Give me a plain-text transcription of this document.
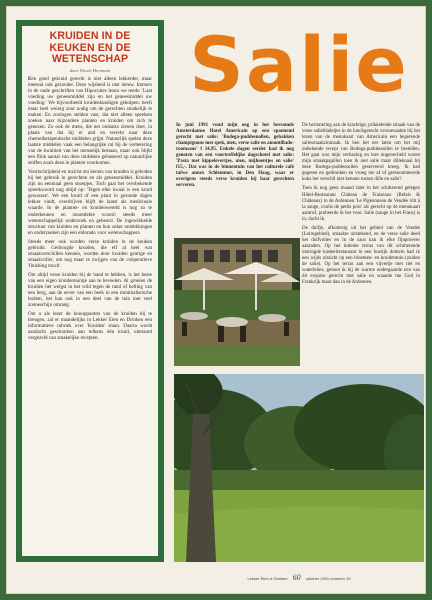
KRUIDEN IN DE KEUKEN EN DE WETENSCHAP
door Nicole Hermann

Een goed gekruid gerecht is niet alleen lekkerder, maar meestal ook gezonder. Deze wijsheid is niet nieuw. Immers in de oude geschriften van Hipocrates lezen we reeds: 'Laat voeding uw geneesmiddel zijn en het geneesmiddel uw voeding.' We bijvoorbeeld kruidenkundigen geholpen: heeft maar heel weinig zout nodig om de gerechten smakelijk te maken. En zoologen stelden vast, dat niet alleen speelsen zoeken naar bijzondere planten en kruiden om zich te genezen. Zo ook de mens, die net ondanks zienen doet, in plaats van dat hij er and en terecht naar deze chemotherapeutische middelen grijpt. Natuurlijk spelen deze laatste middelen vaak een belangrijke rol bij de verbetering van de kwaliteit van het menselijk bestaan, maar ook blijkt een flink aantal van deze middelen gebaseerd op natuurlijke stoffen zoals deze in planten voorkomen.

Voortschrijdend en inzicht om kennis van kruiden is geboden bij het gebruik in gerechten en als geneesmiddel. Kruiden zijn nu eenmaal geen snoepjes. Toch gaat het overbekende spreekwoord nog altijd op: 'Tegen elke kwaal is een kruid gewassen'. We een kruid of een plant in gezonde dagen lekker vindt, overdrijven blijft de laatst als medicinale waarde. In de planten- en kruidenwereld is nog zo te onderkennen en onontdekte woord: steeds meer wetenschappelijk onderzoek en gebeurd. De ingewikkelde structuur van kruiden en planten en hun zeker ontdekkingen en onderzoeken zijn een eldorado voor wetenschappers.

Steeds meer ook worden verse kruiden in de keuken gebruikt. Gedroogde kruiden, die elf al heel wat smaakverschillen kennen, worden door kruiden geurige en smaakvoller, om nog maar te zwijgen van de coöperatieve 'finishing touch'.

Om altijd verse kruiden bij de hand te hebben, is het beste van een eigen kruidentuintje aan te beveelen. Al groeien de kruiden het welgst in het wild tegen de rand of helling van een berg, aan de oever van een beek in een minimalistische bodem, het kan ook in een deel van de tuin met veel zonneschijn omrang.

Om u als lezer de knooppunten van de kruiden bij te brengen, zal er maandelijks in Lekker Eten en Drinken een informatieve rubriek over 'Kruiden' staan. Daarin wordt aandacht geschonken aan telkens één kruid, uiteraard vergezeld van smakelijke recepten.

Salie
In juni 1991 vond mijn oog in het bersomde Amsterdamse Hotel Americain op een spannend gerecht met salie: 'Bodega-puddesnollen, gebakken champignons met spek, uien, verse salie en amontillado-roomsaus' f 14,95. Enkele dagen eerder had ik nog genoten van een voortreffelijke dagschotel met salie: 'Pasta met kippelevertjes, uien, mijhoentjes en salie' f15,-. Dat was in de binnentuin van het culturele café tafwe annex Schlemmer, in Den Haag, waar er overigens steeds verse kruiden bij haar gerechten serveren.

De herinnering aan de krachtige, prikkelende smaak van de verse saliebladeijes in de lunchgerecht verzoenaakte bij het lezen van de menukaart van Americain een begerende saliesmaakzinmaak. Ik ben het eer laten om het mij onbekende recept van Bodega-puddessollen te bestellen. Het gaat was mijn verbazing en lore ongeoecheld waren mijn smaakpapillen toen ik niet salie maar dilleknaal bij deze Bodega-puddessollen geserveerd kreeg. Ik had gegeten en gedronken en vroeg me af of gerenommeerde koks het verschil niet kennen tussen dille en salie?

Toen ik nog geen maand later in het schitterend gelegen Hôtel-Restaurant Château de Fraiseaux (Relais & Châteaux) in de Ardennen 'Le Pigeonneau de Vendée rôti à la sauge, coulis de petits pois' als gerecht op de menukaart aantrof, probeerde ik het voor. Salie (sauge in het Frans) is in, dacht ik.

De duifje, afkomstig uit het gebied van de Vendée (Loiregebied), smaakte uitstekend, en de verse salie deed het duifvoltes en in de saus kan ik elke fijnproever aanraden. Op het intieme terras van dit schitterende omringde kasteelrestaurant in een bosrijk domein had ik een wijds uitzicht op een bloemen- en kruidentuin (zuiden de salie). Op het terras aan een vijvertje met riet en waterlelies, genoot ik bij de warme ondergaande zon van dit exquise gerecht met salie en waande me God in Frankrijk maar dan in de Ardennen.

Lekker Eten & Drinken 60 oktober 1991 nummer 10
